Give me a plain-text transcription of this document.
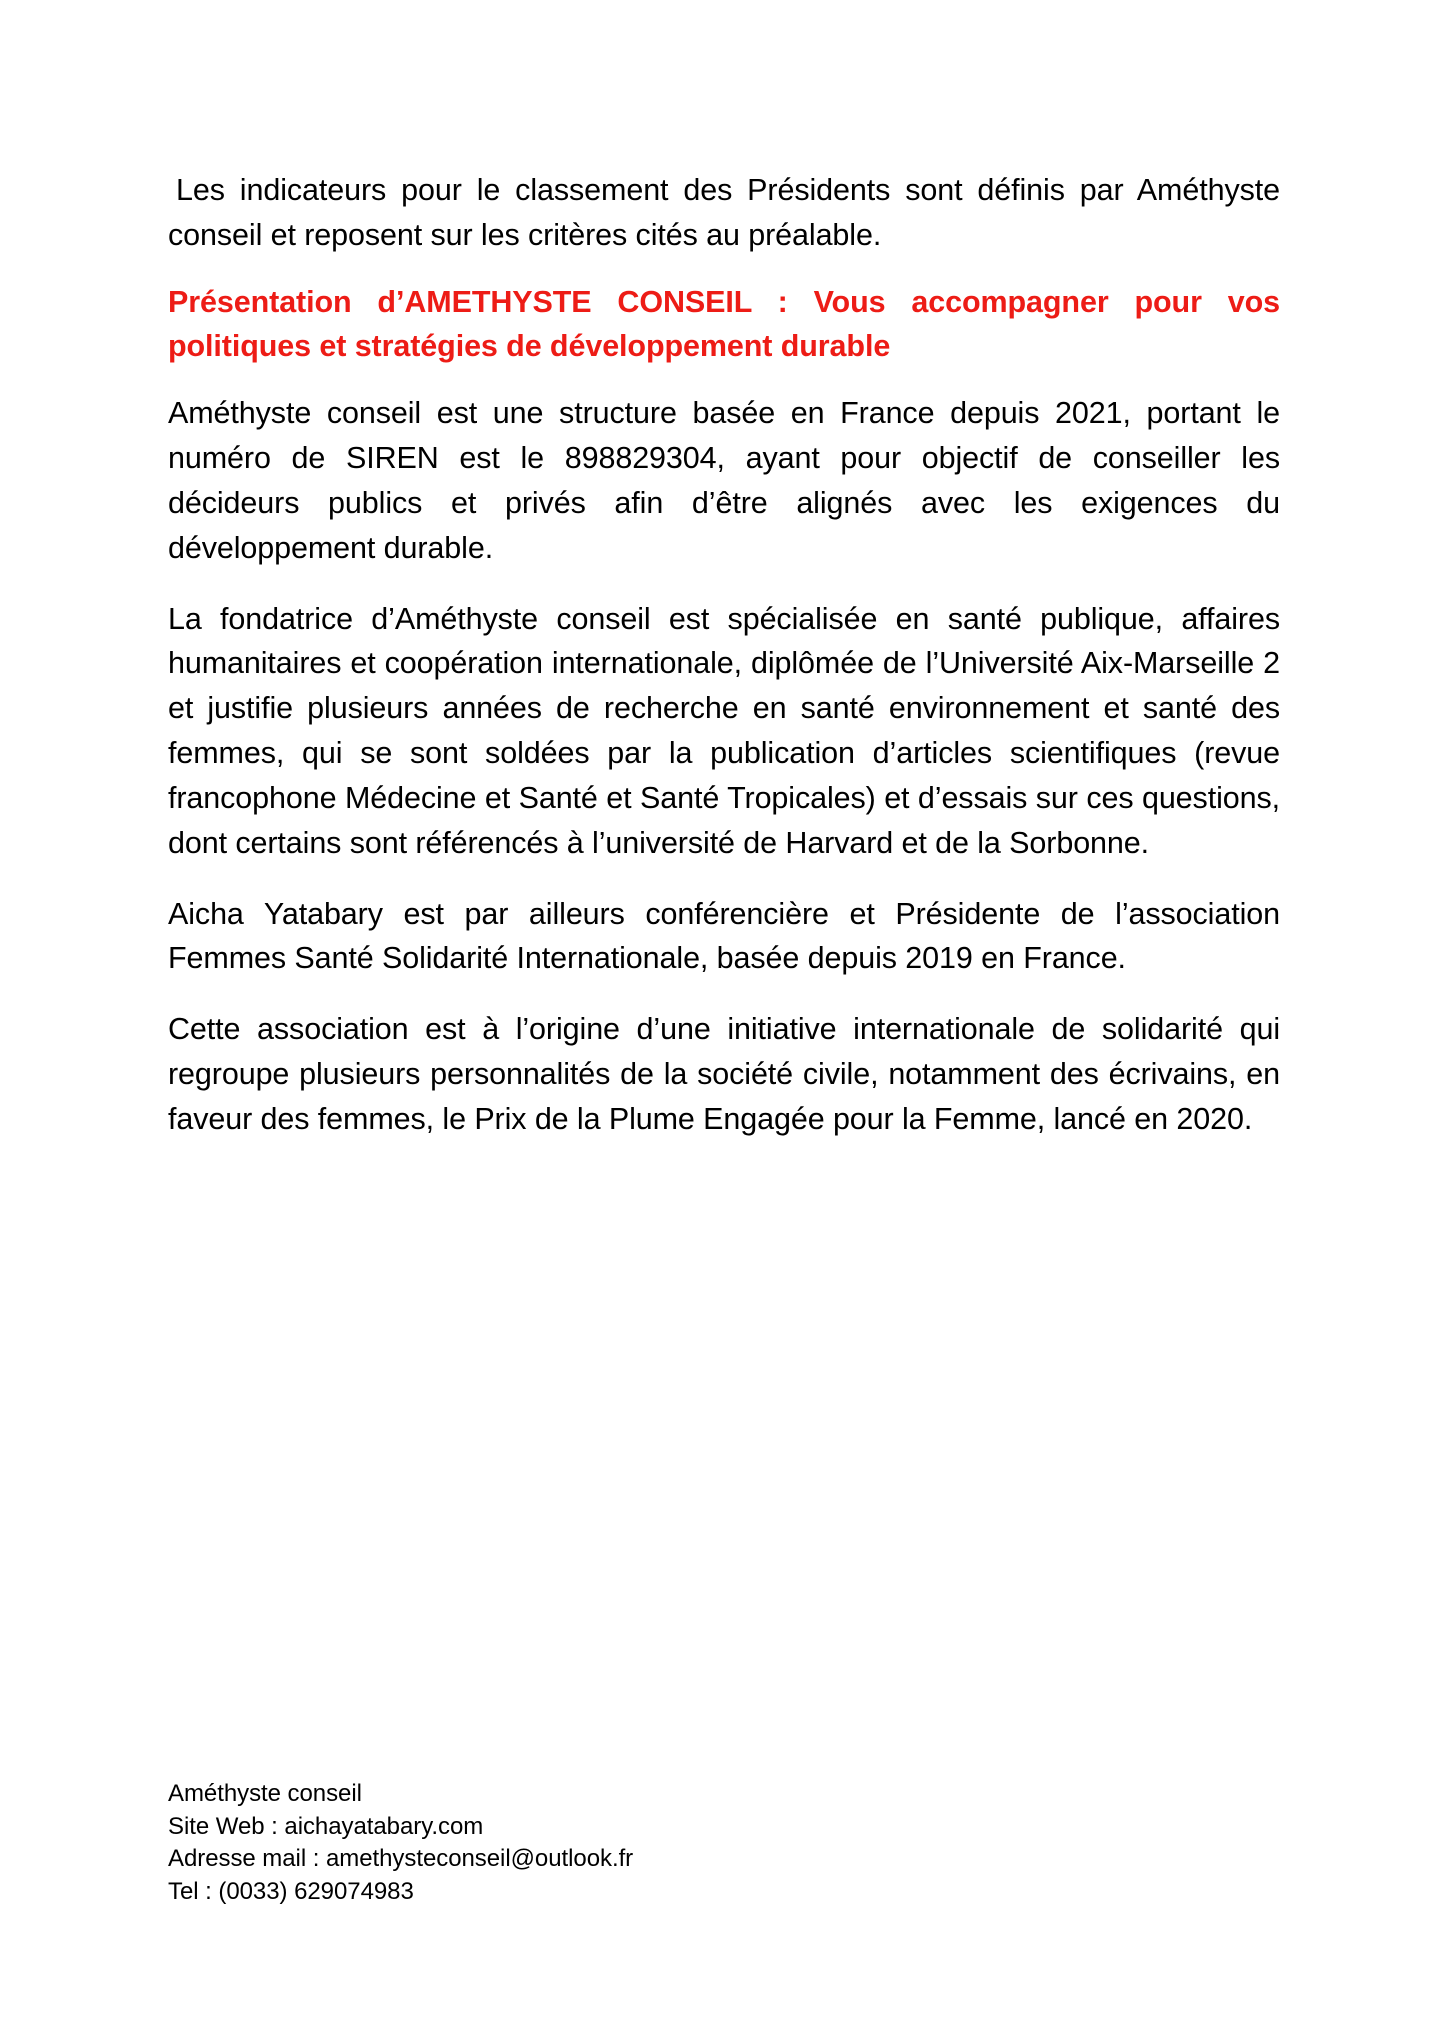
Les indicateurs pour le classement des Présidents sont définis par Améthyste conseil et reposent sur les critères cités au préalable.

Présentation d’AMETHYSTE CONSEIL : Vous accompagner pour vos politiques et stratégies de développement durable

Améthyste conseil est une structure basée en France depuis 2021, portant le numéro de SIREN est le 898829304, ayant pour objectif de conseiller les décideurs publics et privés afin d’être alignés avec les exigences du développement durable.

La fondatrice d’Améthyste conseil est spécialisée en santé publique, affaires humanitaires et coopération internationale, diplômée de l’Université Aix-Marseille 2 et justifie plusieurs années de recherche en santé environnement et santé des femmes, qui se sont soldées par la publication d’articles scientifiques (revue francophone Médecine et Santé et Santé Tropicales) et d’essais sur ces questions, dont certains sont référencés à l’université de Harvard et de la Sorbonne.

Aicha Yatabary est par ailleurs conférencière et Présidente de l’association Femmes Santé Solidarité Internationale, basée depuis 2019 en France.

Cette association est à l’origine d’une initiative internationale de solidarité qui regroupe plusieurs personnalités de la société civile, notamment des écrivains, en faveur des femmes, le Prix de la Plume Engagée pour la Femme, lancé en 2020.

Améthyste conseil

Site Web : aichayatabary.com

Adresse mail : amethysteconseil@outlook.fr

Tel : (0033) 629074983
